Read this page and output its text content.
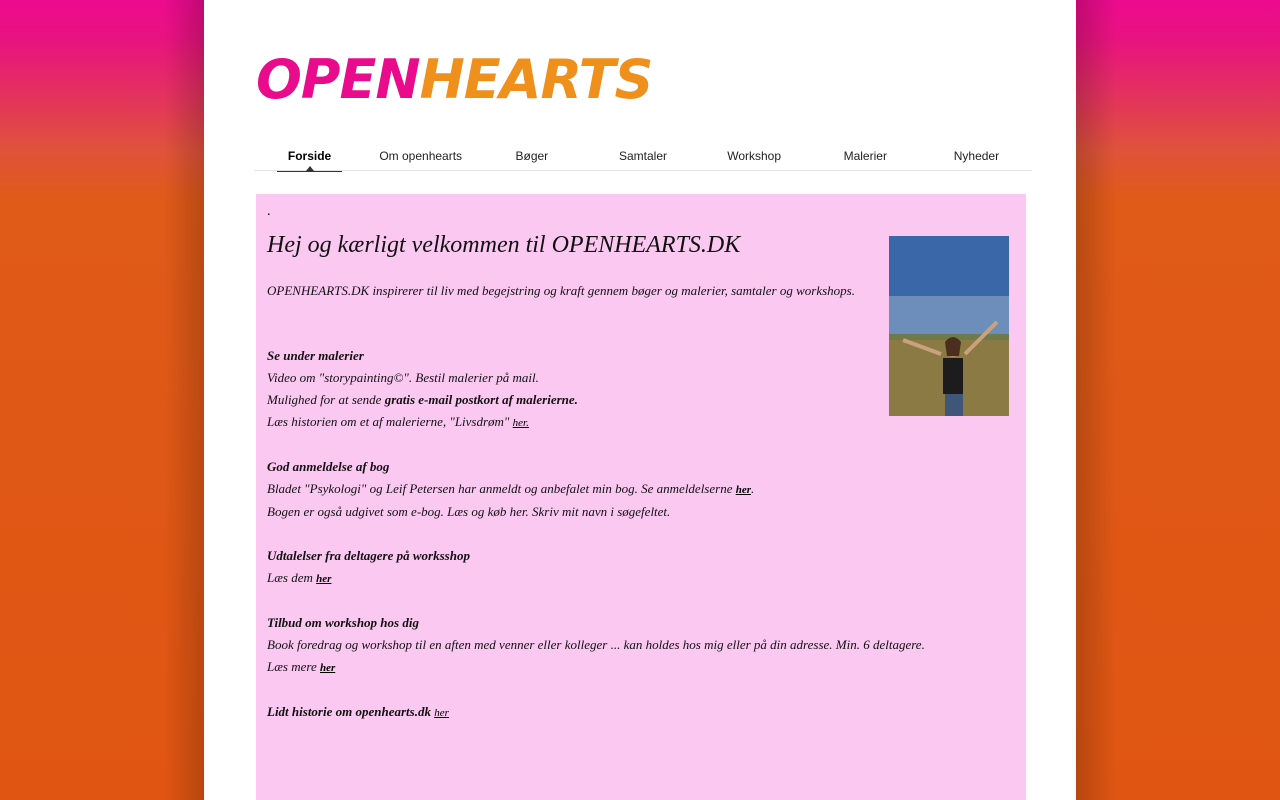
OPENHEARTS
Forside	Om openhearts	Bøger	Samtaler	Workshop	Malerier	Nyheder
.
Hej og kærligt velkommen til OPENHEARTS.DK
OPENHEARTS.DK inspirerer til liv med begejstring og kraft gennem bøger og malerier, samtaler og workshops.

Se under malerier

Video om "storypainting©". Bestil malerier på mail.

Mulighed for at sende gratis e-mail postkort af malerierne.

Læs historien om et af malerierne, "Livsdrøm" her.

God anmeldelse af bog

Bladet "Psykologi" og Leif Petersen har anmeldt og anbefalet min bog. Se anmeldelserne her.

Bogen er også udgivet som e-bog. Læs og køb her. Skriv mit navn i søgefeltet.

Udtalelser fra deltagere på worksshop

Læs dem her

Tilbud om workshop hos dig

Book foredrag og workshop til en aften med venner eller kolleger ... kan holdes hos mig eller på din adresse. Min. 6 deltagere.

Læs mere her

Lidt historie om openhearts.dk her
